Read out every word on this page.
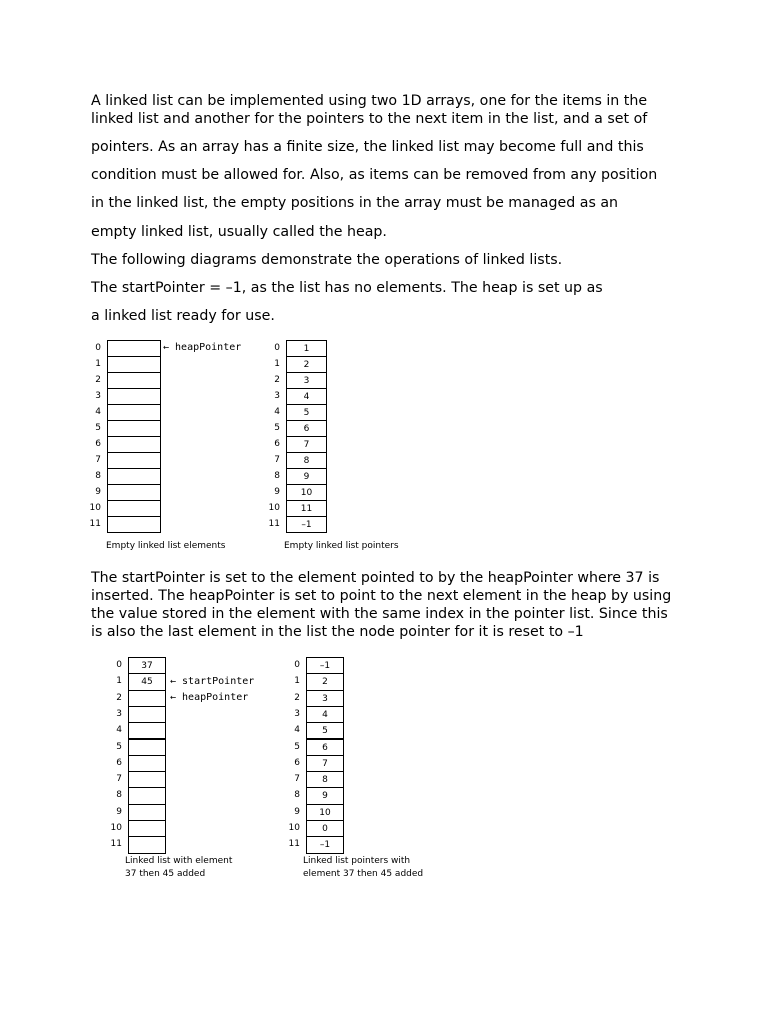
A linked list can be implemented using two 1D arrays, one for the items in the linked list and another for the pointers to the next item in the list, and a set of

pointers. As an array has a finite size, the linked list may become full and this

condition must be allowed for. Also, as items can be removed from any position

in the linked list, the empty positions in the array must be managed as an

empty linked list, usually called the heap.

The following diagrams demonstrate the operations of linked lists.

The startPointer = –1, as the list has no elements. The heap is set up as

a linked list ready for use.

0
1
2
3
4
5
6
7
8
9
10
11
← heapPointer
Empty linked list elements
0	1
1	2
2	3
3	4
4	5
5	6
6	7
7	8
8	9
9	10
10	11
11	–1
Empty linked list pointers

The startPointer is set to the element pointed to by the heapPointer where 37 is inserted. The heapPointer is set to point to the next element in the heap by using the value stored in the element with the same index in the pointer list. Since this is also the last element in the list the node pointer for it is reset to –1

0	37
1	45
2
3
4
5
6
7
8
9
10
11
← startPointer
← heapPointer
Linked list with element
37 then 45 added
0	–1
1	2
2	3
3	4
4	5
5	6
6	7
7	8
8	9
9	10
10	0
11	–1
Linked list pointers with
element 37 then 45 added
